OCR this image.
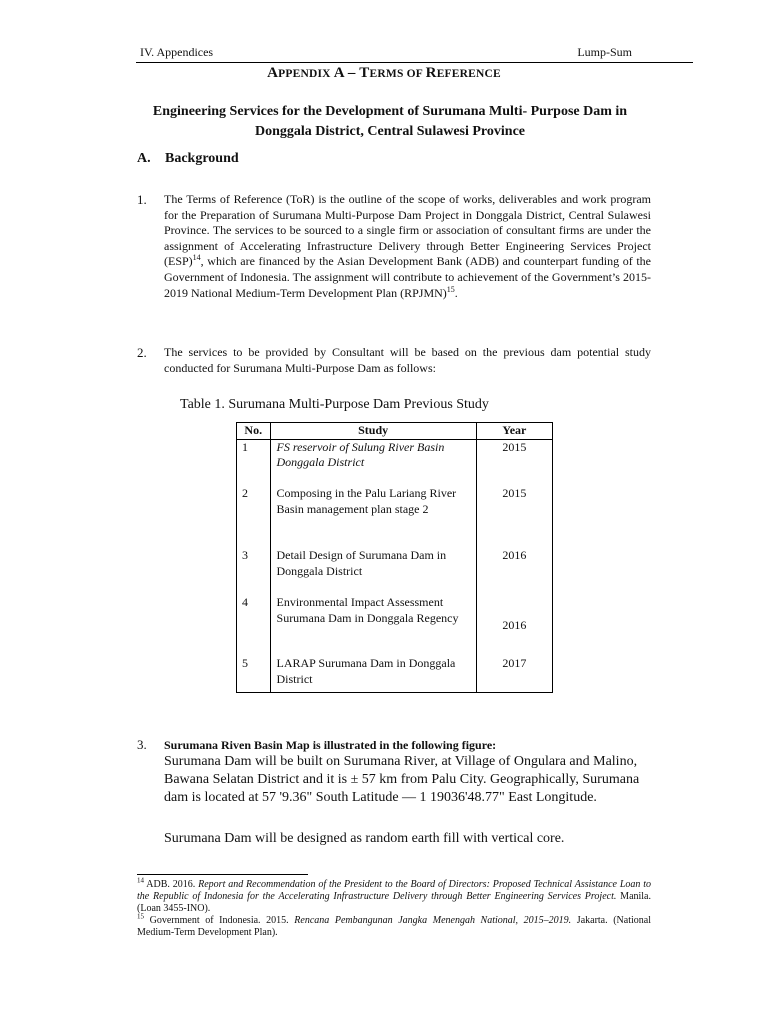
IV. Appendices	Lump-Sum
APPENDIX A – TERMS OF REFERENCE
Engineering Services for the Development of Surumana Multi- Purpose Dam in
Donggala District, Central Sulawesi Province
A. Background
1. The Terms of Reference (ToR) is the outline of the scope of works, deliverables and work program for the Preparation of Surumana Multi-Purpose Dam Project in Donggala District, Central Sulawesi Province. The services to be sourced to a single firm or association of consultant firms are under the assignment of Accelerating Infrastructure Delivery through Better Engineering Services Project (ESP)$^{14}$, which are financed by the Asian Development Bank (ADB) and counterpart funding of the Government of Indonesia. The assignment will contribute to achievement of the Government’s 2015-2019 National Medium-Term Development Plan (RPJMN)$^{15}$.
2. The services to be provided by Consultant will be based on the previous dam potential study conducted for Surumana Multi-Purpose Dam as follows:
Table 1. Surumana Multi-Purpose Dam Previous Study
No.	Study	Year
1	FS reservoir of Sulung River Basin Donggala District	2015
2	Composing in the Palu Lariang River Basin management plan stage 2	2015
3	Detail Design of Surumana Dam in Donggala District	2016
4	Environmental Impact Assessment Surumana Dam in Donggala Regency	2016
5	LARAP Surumana Dam in Donggala District	2017
3. Surumana Riven Basin Map is illustrated in the following figure:
Surumana Dam will be built on Surumana River, at Village of Ongulara and Malino, Bawana Selatan District and it is ± 57 km from Palu City. Geographically, Surumana dam is located at 57 '9.36" South Latitude — 1 19036'48.77" East Longitude.
Surumana Dam will be designed as random earth fill with vertical core.
$^{14}$ ADB. 2016. Report and Recommendation of the President to the Board of Directors: Proposed Technical Assistance Loan to the Republic of Indonesia for the Accelerating Infrastructure Delivery through Better Engineering Services Project. Manila. (Loan 3455-INO).
$^{15}$ Government of Indonesia. 2015. Rencana Pembangunan Jangka Menengah National, 2015–2019. Jakarta. (National Medium-Term Development Plan).
